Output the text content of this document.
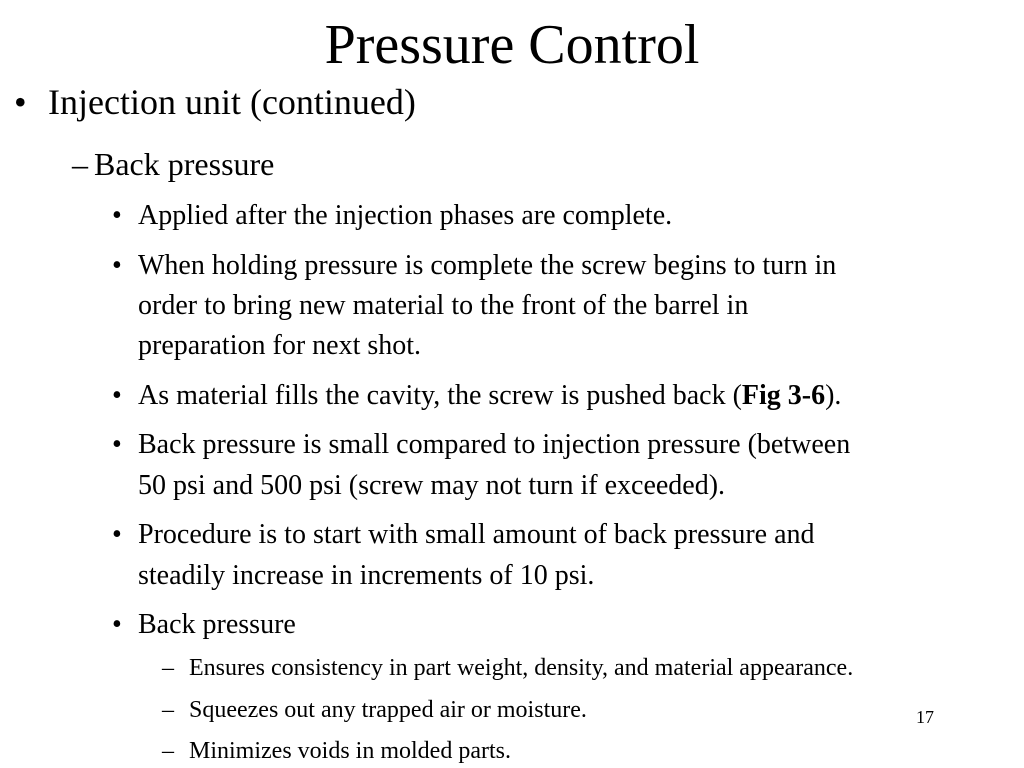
Pressure Control
• Injection unit (continued)
– Back pressure
• Applied after the injection phases are complete.
• When holding pressure is complete the screw begins to turn in
order to bring new material to the front of the barrel in
preparation for next shot.
• As material fills the cavity, the screw is pushed back (Fig 3-6).
• Back pressure is small compared to injection pressure (between
50 psi and 500 psi (screw may not turn if exceeded).
• Procedure is to start with small amount of back pressure and
steadily increase in increments of 10 psi.
• Back pressure
– Ensures consistency in part weight, density, and material appearance.
– Squeezes out any trapped air or moisture.
– Minimizes voids in molded parts.
17
